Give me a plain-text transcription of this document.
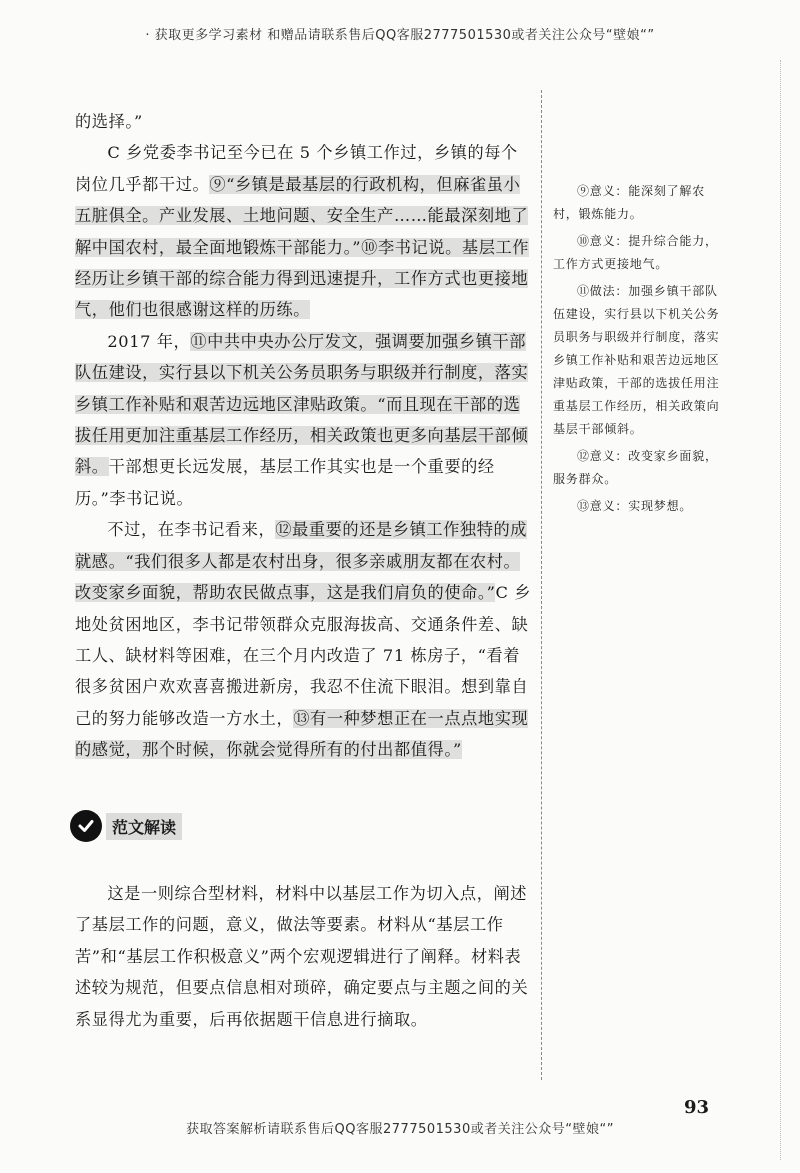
· 获取更多学习素材 和赠品请联系售后QQ客服2777501530或者关注公众号“壁娘“”

的选择。”

C 乡党委李书记至今已在 5 个乡镇工作过，乡镇的每个岗位几乎都干过。⑨“乡镇是最基层的行政机构，但麻雀虽小五脏俱全。产业发展、土地问题、安全生产……能最深刻地了解中国农村，最全面地锻炼干部能力。”⑩李书记说。基层工作经历让乡镇干部的综合能力得到迅速提升，工作方式也更接地气，他们也很感谢这样的历练。

2017 年，⑪中共中央办公厅发文，强调要加强乡镇干部队伍建设，实行县以下机关公务员职务与职级并行制度，落实乡镇工作补贴和艰苦边远地区津贴政策。“而且现在干部的选拔任用更加注重基层工作经历，相关政策也更多向基层干部倾斜。干部想更长远发展，基层工作其实也是一个重要的经历。”李书记说。

不过，在李书记看来，⑫最重要的还是乡镇工作独特的成就感。“我们很多人都是农村出身，很多亲戚朋友都在农村。改变家乡面貌，帮助农民做点事，这是我们肩负的使命。”C 乡地处贫困地区，李书记带领群众克服海拔高、交通条件差、缺工人、缺材料等困难，在三个月内改造了 71 栋房子，“看着很多贫困户欢欢喜喜搬进新房，我忍不住流下眼泪。想到靠自己的努力能够改造一方水土，⑬有一种梦想正在一点点地实现的感觉，那个时候，你就会觉得所有的付出都值得。”

⑨意义：能深刻了解农村，锻炼能力。

⑩意义：提升综合能力，工作方式更接地气。

⑪做法：加强乡镇干部队伍建设，实行县以下机关公务员职务与职级并行制度，落实乡镇工作补贴和艰苦边远地区津贴政策，干部的选拔任用注重基层工作经历，相关政策向基层干部倾斜。

⑫意义：改变家乡面貌，服务群众。

⑬意义：实现梦想。

范文解读

这是一则综合型材料，材料中以基层工作为切入点，阐述了基层工作的问题，意义，做法等要素。材料从“基层工作苦”和“基层工作积极意义”两个宏观逻辑进行了阐释。材料表述较为规范，但要点信息相对琐碎，确定要点与主题之间的关系显得尤为重要，后再依据题干信息进行摘取。

93
获取答案解析请联系售后QQ客服2777501530或者关注公众号“壁娘“”
